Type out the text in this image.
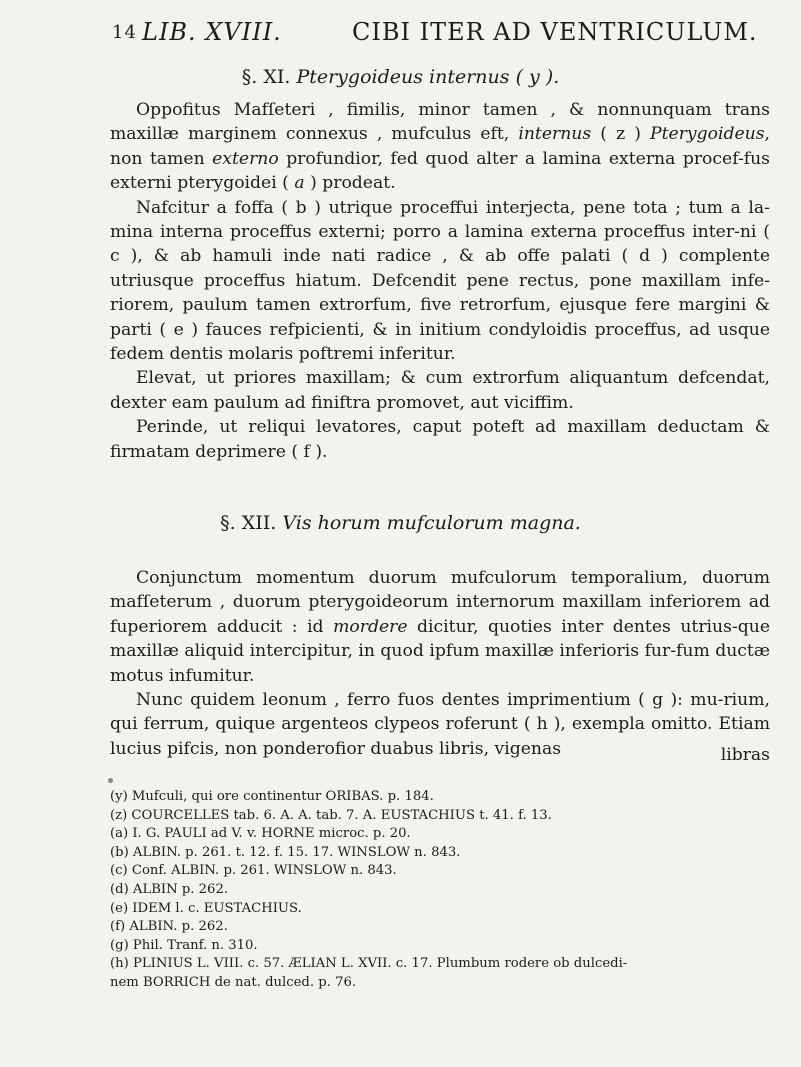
14 LIB. XVIII.	CIBI ITER AD VENTRICULUM.
§. XI. Pterygoideus internus ( y ).

Oppofitus Mafſeteri , fimilis, minor tamen , & nonnunquam trans maxillæ marginem connexus , mufculus eft, internus ( z ) Pterygoideus, non tamen externo profundior, fed quod alter a lamina externa procef-fus externi pterygoidei ( a ) prodeat.

Nafcitur a foffa ( b ) utrique proceffui interjecta, pene tota ; tum a la-mina interna proceffus externi; porro a lamina externa proceffus inter-ni ( c ), & ab hamuli inde nati radice , & ab offe palati ( d ) complente utriusque proceffus hiatum. Defcendit pene rectus, pone maxillam infe-riorem, paulum tamen extrorfum, five retrorfum, ejusque fere margini & parti ( e ) fauces refpicienti, & in initium condyloidis proceffus, ad usque fedem dentis molaris poftremi inferitur.

Elevat, ut priores maxillam; & cum extrorfum aliquantum defcendat, dexter eam paulum ad finiftra promovet, aut viciffim.

Perinde, ut reliqui levatores, caput poteft ad maxillam deductam & firmatam deprimere ( f ).

§. XII. Vis horum mufculorum magna.

Conjunctum momentum duorum mufculorum temporalium, duorum mafſeterum , duorum pterygoideorum internorum maxillam inferiorem ad fuperiorem adducit : id mordere dicitur, quoties inter dentes utrius-que maxillæ aliquid intercipitur, in quod ipfum maxillæ inferioris fur-fum ductæ motus infumitur.

Nunc quidem leonum , ferro fuos dentes imprimentium ( g ): mu-rium, qui ferrum, quique argenteos clypeos roferunt ( h ), exempla omitto. Etiam lucius pifcis, non ponderofior duabus libris, vigenas	libras
(y) Mufculi, qui ore continentur ORIBAS. p. 184.
(z) COURCELLES tab. 6. A. A. tab. 7. A. EUSTACHIUS t. 41. f. 13.
(a) I. G. PAULI ad V. v. HORNE microc. p. 20.
(b) ALBIN. p. 261. t. 12. f. 15. 17. WINSLOW n. 843.
(c) Conf. ALBIN. p. 261. WINSLOW n. 843.
(d) ALBIN p. 262.
(e) IDEM l. c. EUSTACHIUS.
(f) ALBIN. p. 262.
(g) Phil. Tranf. n. 310.
(h) PLINIUS L. VIII. c. 57. ÆLIAN L. XVII. c. 17. Plumbum rodere ob dulcedi-
nem BORRICH de nat. dulced. p. 76.
